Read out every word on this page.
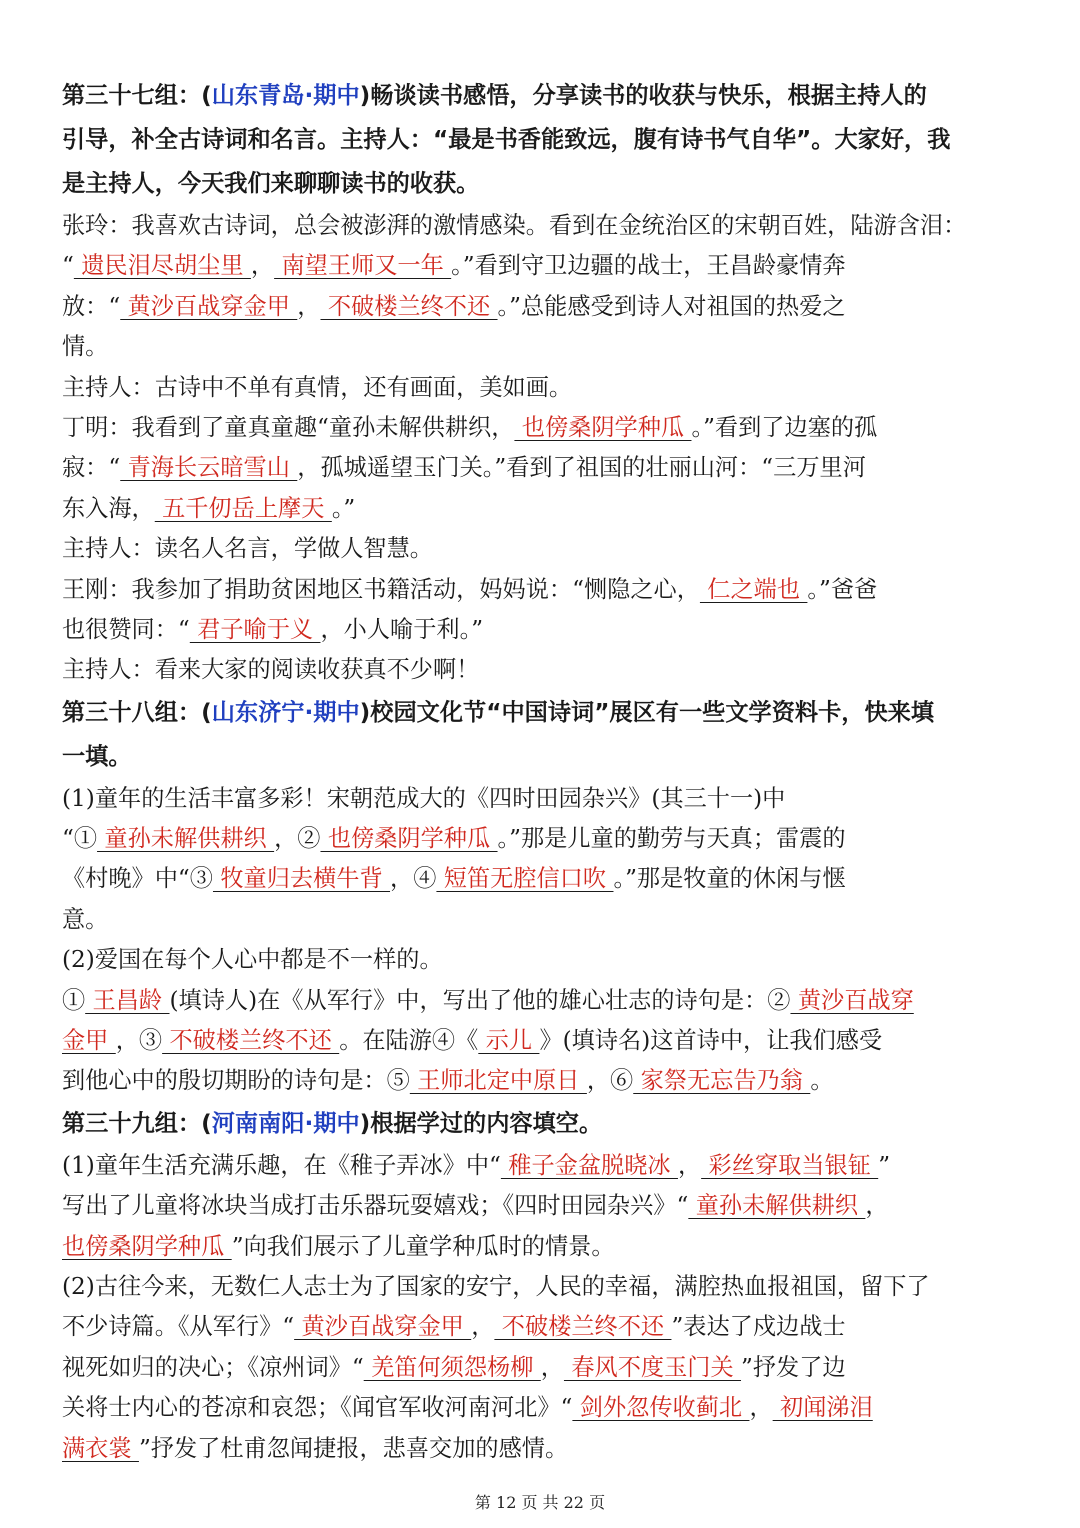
第三十七组：(山东青岛·期中)畅谈读书感悟，分享读书的收获与快乐，根据主持人的
引导，补全古诗词和名言。主持人：“最是书香能致远，腹有诗书气自华”。大家好，我
是主持人，今天我们来聊聊读书的收获。
张玲：我喜欢古诗词，总会被澎湃的激情感染。看到在金统治区的宋朝百姓，陆游含泪：
“ 遗民泪尽胡尘里 ， 南望王师又一年 。”看到守卫边疆的战士，王昌龄豪情奔
放：“ 黄沙百战穿金甲 ， 不破楼兰终不还 。”总能感受到诗人对祖国的热爱之
情。
主持人：古诗中不单有真情，还有画面，美如画。
丁明：我看到了童真童趣“童孙未解供耕织， 也傍桑阴学种瓜 。”看到了边塞的孤
寂：“ 青海长云暗雪山 ，孤城遥望玉门关。”看到了祖国的壮丽山河：“三万里河
东入海， 五千仞岳上摩天 。”
主持人：读名人名言，学做人智慧。
王刚：我参加了捐助贫困地区书籍活动，妈妈说：“恻隐之心， 仁之端也 。”爸爸
也很赞同：“ 君子喻于义 ，小人喻于利。”
主持人：看来大家的阅读收获真不少啊！
第三十八组：(山东济宁·期中)校园文化节“中国诗词”展区有一些文学资料卡，快来填
一填。
(1)童年的生活丰富多彩！宋朝范成大的《四时田园杂兴》(其三十一)中
“① 童孙未解供耕织 ，② 也傍桑阴学种瓜 。”那是儿童的勤劳与天真；雷震的
《村晚》中“③ 牧童归去横牛背 ，④ 短笛无腔信口吹 。”那是牧童的休闲与惬
意。
(2)爱国在每个人心中都是不一样的。
① 王昌龄 (填诗人)在《从军行》中，写出了他的雄心壮志的诗句是：② 黄沙百战穿
金甲 ，③ 不破楼兰终不还 。在陆游④《 示儿 》(填诗名)这首诗中，让我们感受
到他心中的殷切期盼的诗句是：⑤ 王师北定中原日 ，⑥ 家祭无忘告乃翁 。
第三十九组：(河南南阳·期中)根据学过的内容填空。
(1)童年生活充满乐趣，在《稚子弄冰》中“ 稚子金盆脱晓冰 ， 彩丝穿取当银钲 ”
写出了儿童将冰块当成打击乐器玩耍嬉戏；《四时田园杂兴》“ 童孙未解供耕织 ，
也傍桑阴学种瓜 ”向我们展示了儿童学种瓜时的情景。
(2)古往今来，无数仁人志士为了国家的安宁，人民的幸福，满腔热血报祖国，留下了
不少诗篇。《从军行》“ 黄沙百战穿金甲 ， 不破楼兰终不还 ”表达了戍边战士
视死如归的决心；《凉州词》“ 羌笛何须怨杨柳 ， 春风不度玉门关 ”抒发了边
关将士内心的苍凉和哀怨；《闻官军收河南河北》“ 剑外忽传收蓟北 ， 初闻涕泪
满衣裳 ”抒发了杜甫忽闻捷报，悲喜交加的感情。
第 12 页 共 22 页
